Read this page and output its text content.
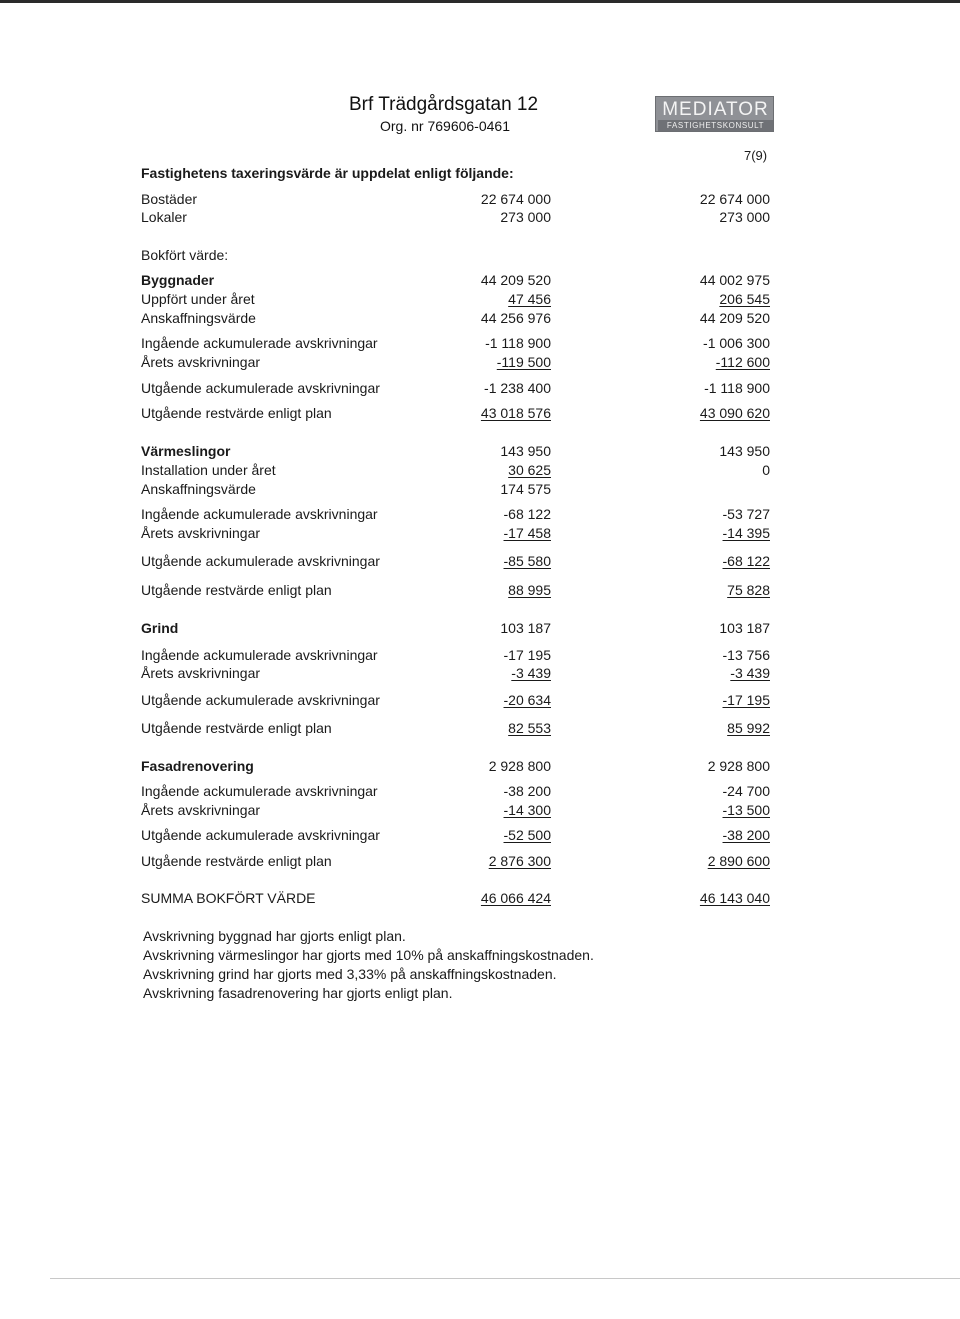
Brf Trädgårdsgatan 12
Org. nr 769606-0461
MEDIATOR
FASTIGHETSKONSULT
7(9)
Fastighetens taxeringsvärde är uppdelat enligt följande:
Bostäder	22 674 000	22 674 000
Lokaler	273 000	273 000
Bokfört värde:
Byggnader	44 209 520	44 002 975
Uppfört under året	47 456	206 545
Anskaffningsvärde	44 256 976	44 209 520
Ingående ackumulerade avskrivningar	-1 118 900	-1 006 300
Årets avskrivningar	-119 500	-112 600
Utgående ackumulerade avskrivningar	-1 238 400	-1 118 900
Utgående restvärde enligt plan	43 018 576	43 090 620
Värmeslingor	143 950	143 950
Installation under året	30 625	0
Anskaffningsvärde	174 575
Ingående ackumulerade avskrivningar	-68 122	-53 727
Årets avskrivningar	-17 458	-14 395
Utgående ackumulerade avskrivningar	-85 580	-68 122
Utgående restvärde enligt plan	88 995	75 828
Grind	103 187	103 187
Ingående ackumulerade avskrivningar	-17 195	-13 756
Årets avskrivningar	-3 439	-3 439
Utgående ackumulerade avskrivningar	-20 634	-17 195
Utgående restvärde enligt plan	82 553	85 992
Fasadrenovering	2 928 800	2 928 800
Ingående ackumulerade avskrivningar	-38 200	-24 700
Årets avskrivningar	-14 300	-13 500
Utgående ackumulerade avskrivningar	-52 500	-38 200
Utgående restvärde enligt plan	2 876 300	2 890 600
SUMMA BOKFÖRT VÄRDE	46 066 424	46 143 040
Avskrivning byggnad har gjorts enligt plan.
Avskrivning värmeslingor har gjorts med 10% på anskaffningskostnaden.
Avskrivning grind har gjorts med 3,33% på anskaffningskostnaden.
Avskrivning fasadrenovering har gjorts enligt plan.
